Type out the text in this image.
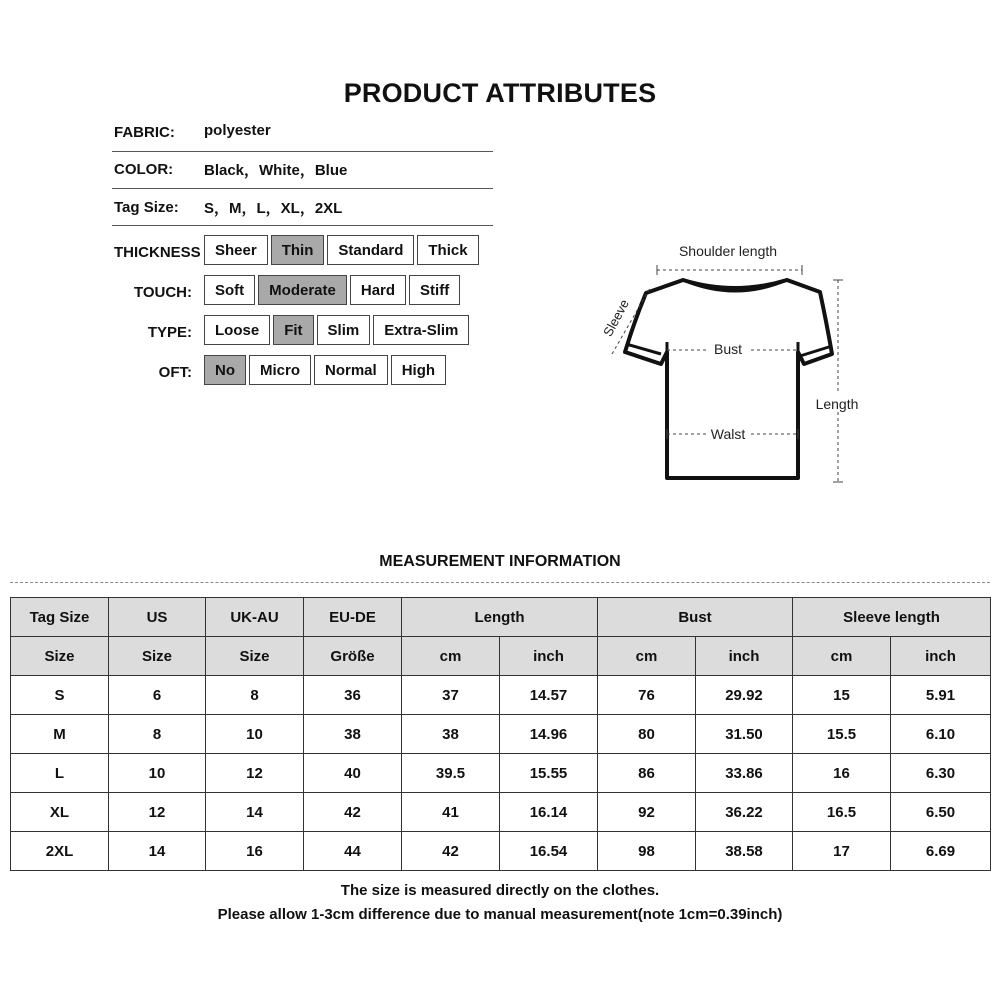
PRODUCT ATTRIBUTES
FABRIC: polyester
COLOR: Black，White，Blue
Tag Size: S，M，L，XL，2XL
THICKNESS Sheer	Thin	Standard	Thick
TOUCH:	Soft	Moderate	Hard	Stiff
TYPE:	Loose	Fit	Slim	Extra-Slim
OFT:	No	Micro	Normal	High
Shoulder length
Sleeve
Bust
Walst
Length
MEASUREMENT INFORMATION
Tag Size	US	UK-AU	EU-DE	Length		Bust		Sleeve length	
Size	Size	Size	Größe	cm	inch	cm	inch	cm	inch
S	6	8	36	37	14.57	76	29.92	15	5.91
M	8	10	38	38	14.96	80	31.50	15.5	6.10
L	10	12	40	39.5	15.55	86	33.86	16	6.30
XL	12	14	42	41	16.14	92	36.22	16.5	6.50
2XL	14	16	44	42	16.54	98	38.58	17	6.69
The size is measured directly on the clothes.
Please allow 1-3cm difference due to manual measurement(note 1cm=0.39inch)
